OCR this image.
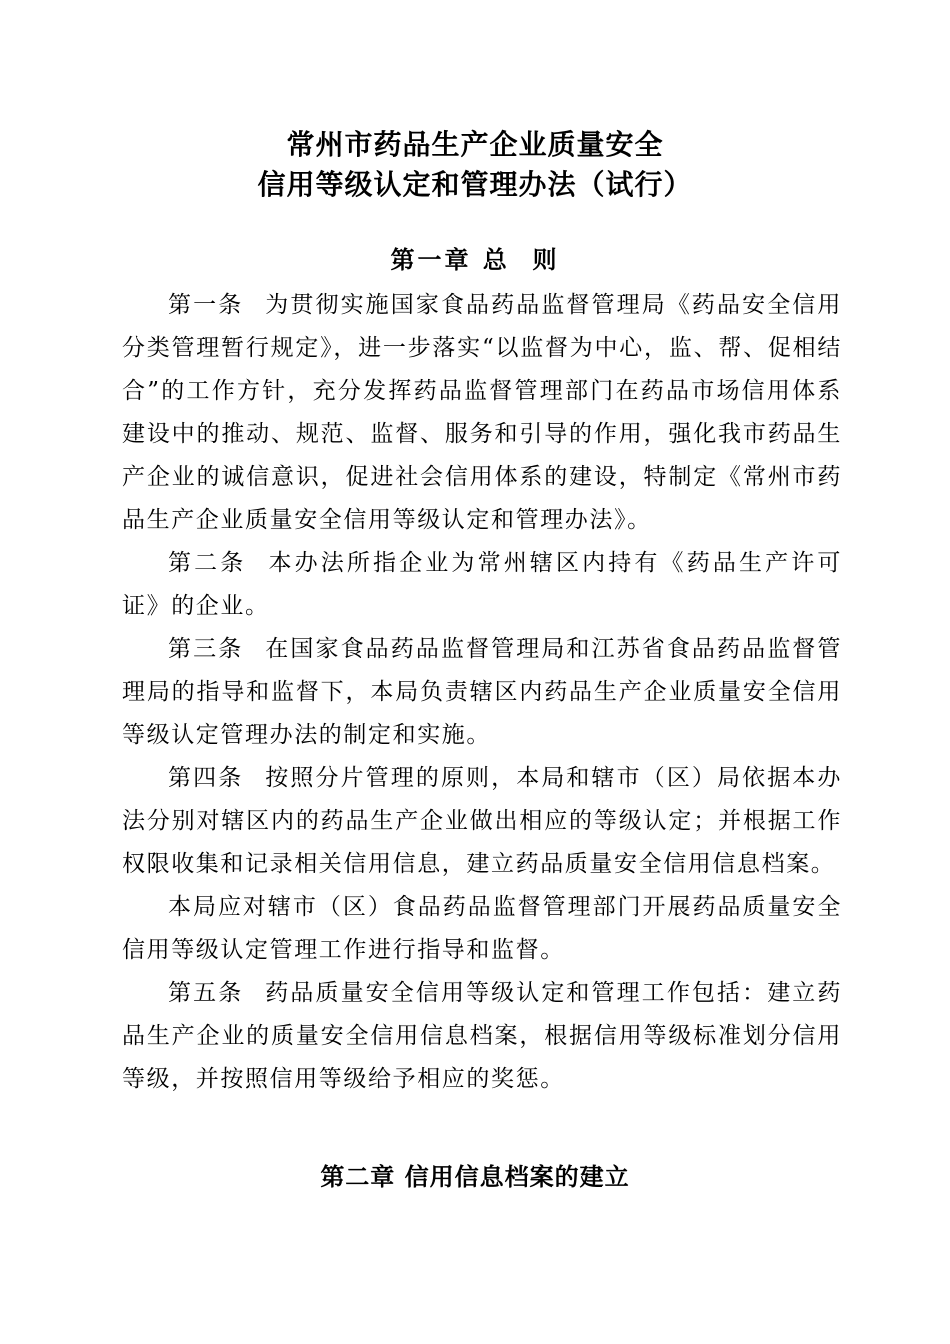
常州市药品生产企业质量安全
信用等级认定和管理办法（试行）
第一章 总  则

第一条 为贯彻实施国家食品药品监督管理局《药品安全信用分类管理暂行规定》，进一步落实“以监督为中心，监、帮、促相结合”的工作方针，充分发挥药品监督管理部门在药品市场信用体系建设中的推动、规范、监督、服务和引导的作用，强化我市药品生产企业的诚信意识，促进社会信用体系的建设，特制定《常州市药品生产企业质量安全信用等级认定和管理办法》。

第二条 本办法所指企业为常州辖区内持有《药品生产许可证》的企业。

第三条 在国家食品药品监督管理局和江苏省食品药品监督管理局的指导和监督下，本局负责辖区内药品生产企业质量安全信用等级认定管理办法的制定和实施。

第四条 按照分片管理的原则，本局和辖市（区）局依据本办法分别对辖区内的药品生产企业做出相应的等级认定；并根据工作权限收集和记录相关信用信息，建立药品质量安全信用信息档案。

本局应对辖市（区）食品药品监督管理部门开展药品质量安全信用等级认定管理工作进行指导和监督。

第五条 药品质量安全信用等级认定和管理工作包括：建立药品生产企业的质量安全信用信息档案，根据信用等级标准划分信用等级，并按照信用等级给予相应的奖惩。

第二章 信用信息档案的建立
